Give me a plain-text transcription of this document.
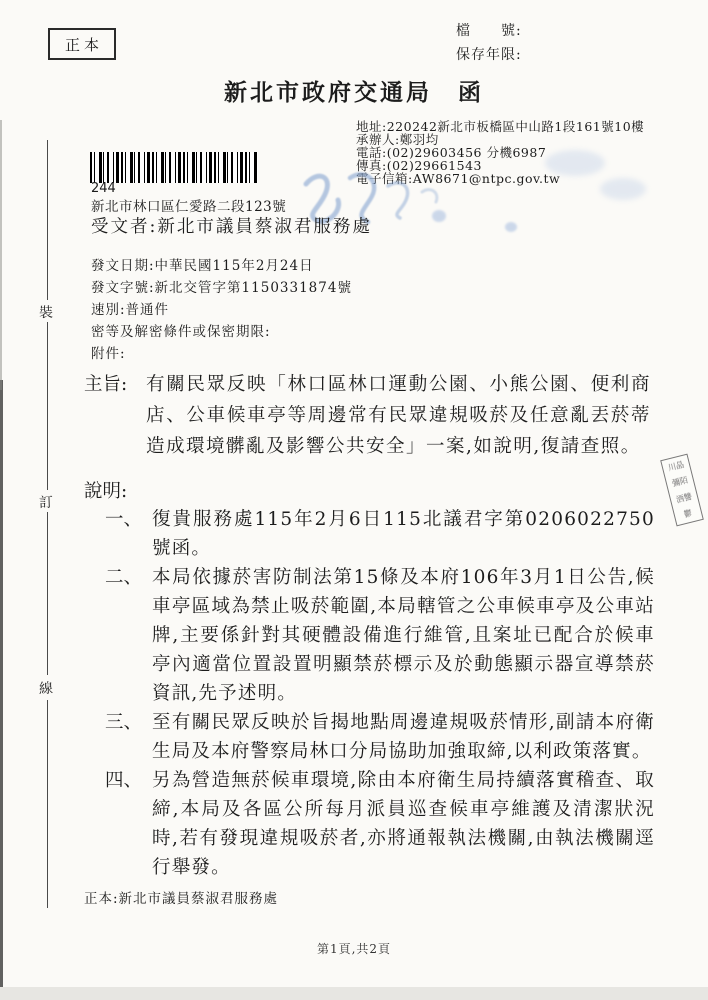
正本
檔　　號:
保存年限:
新北市政府交通局　函
地址:220242新北市板橋區中山路1段161號10樓
承辦人:鄭羽均
電話:(02)29603456 分機6987
傳真:(02)29661543
電子信箱:AW8671@ntpc.gov.tw
244
新北市林口區仁愛路二段123號
受文者:新北市議員蔡淑君服務處
發文日期:中華民國115年2月24日
發文字號:新北交管字第1150331874號
速別:普通件
密等及解密條件或保密期限:
附件:
主旨:	有關民眾反映「林口區林口運動公園、小熊公園、便利商店、公車候車亭等周邊常有民眾違規吸菸及任意亂丟菸蒂造成環境髒亂及影響公共安全」一案,如說明,復請查照。
說明:
一、 復貴服務處115年2月6日115北議君字第0206022750號函。
二、 本局依據菸害防制法第15條及本府106年3月1日公告,候車亭區域為禁止吸菸範圍,本局轄管之公車候車亭及公車站牌,主要係針對其硬體設備進行維管,且案址已配合於候車亭內適當位置設置明顯禁菸標示及於動態顯示器宣導禁菸資訊,先予述明。
三、 至有關民眾反映於旨揭地點周邊違規吸菸情形,副請本府衛生局及本府警察局林口分局協助加強取締,以利政策落實。
四、 另為營造無菸候車環境,除由本府衛生局持續落實稽查、取締,本局及各區公所每月派員巡查候車亭維護及清潔狀況時,若有發現違規吸菸者,亦將通報執法機關,由執法機關逕行舉發。
正本:新北市議員蔡淑君服務處
第1頁,共2頁
裝
訂
線
川晶
彌陌
酒讐
鬱
